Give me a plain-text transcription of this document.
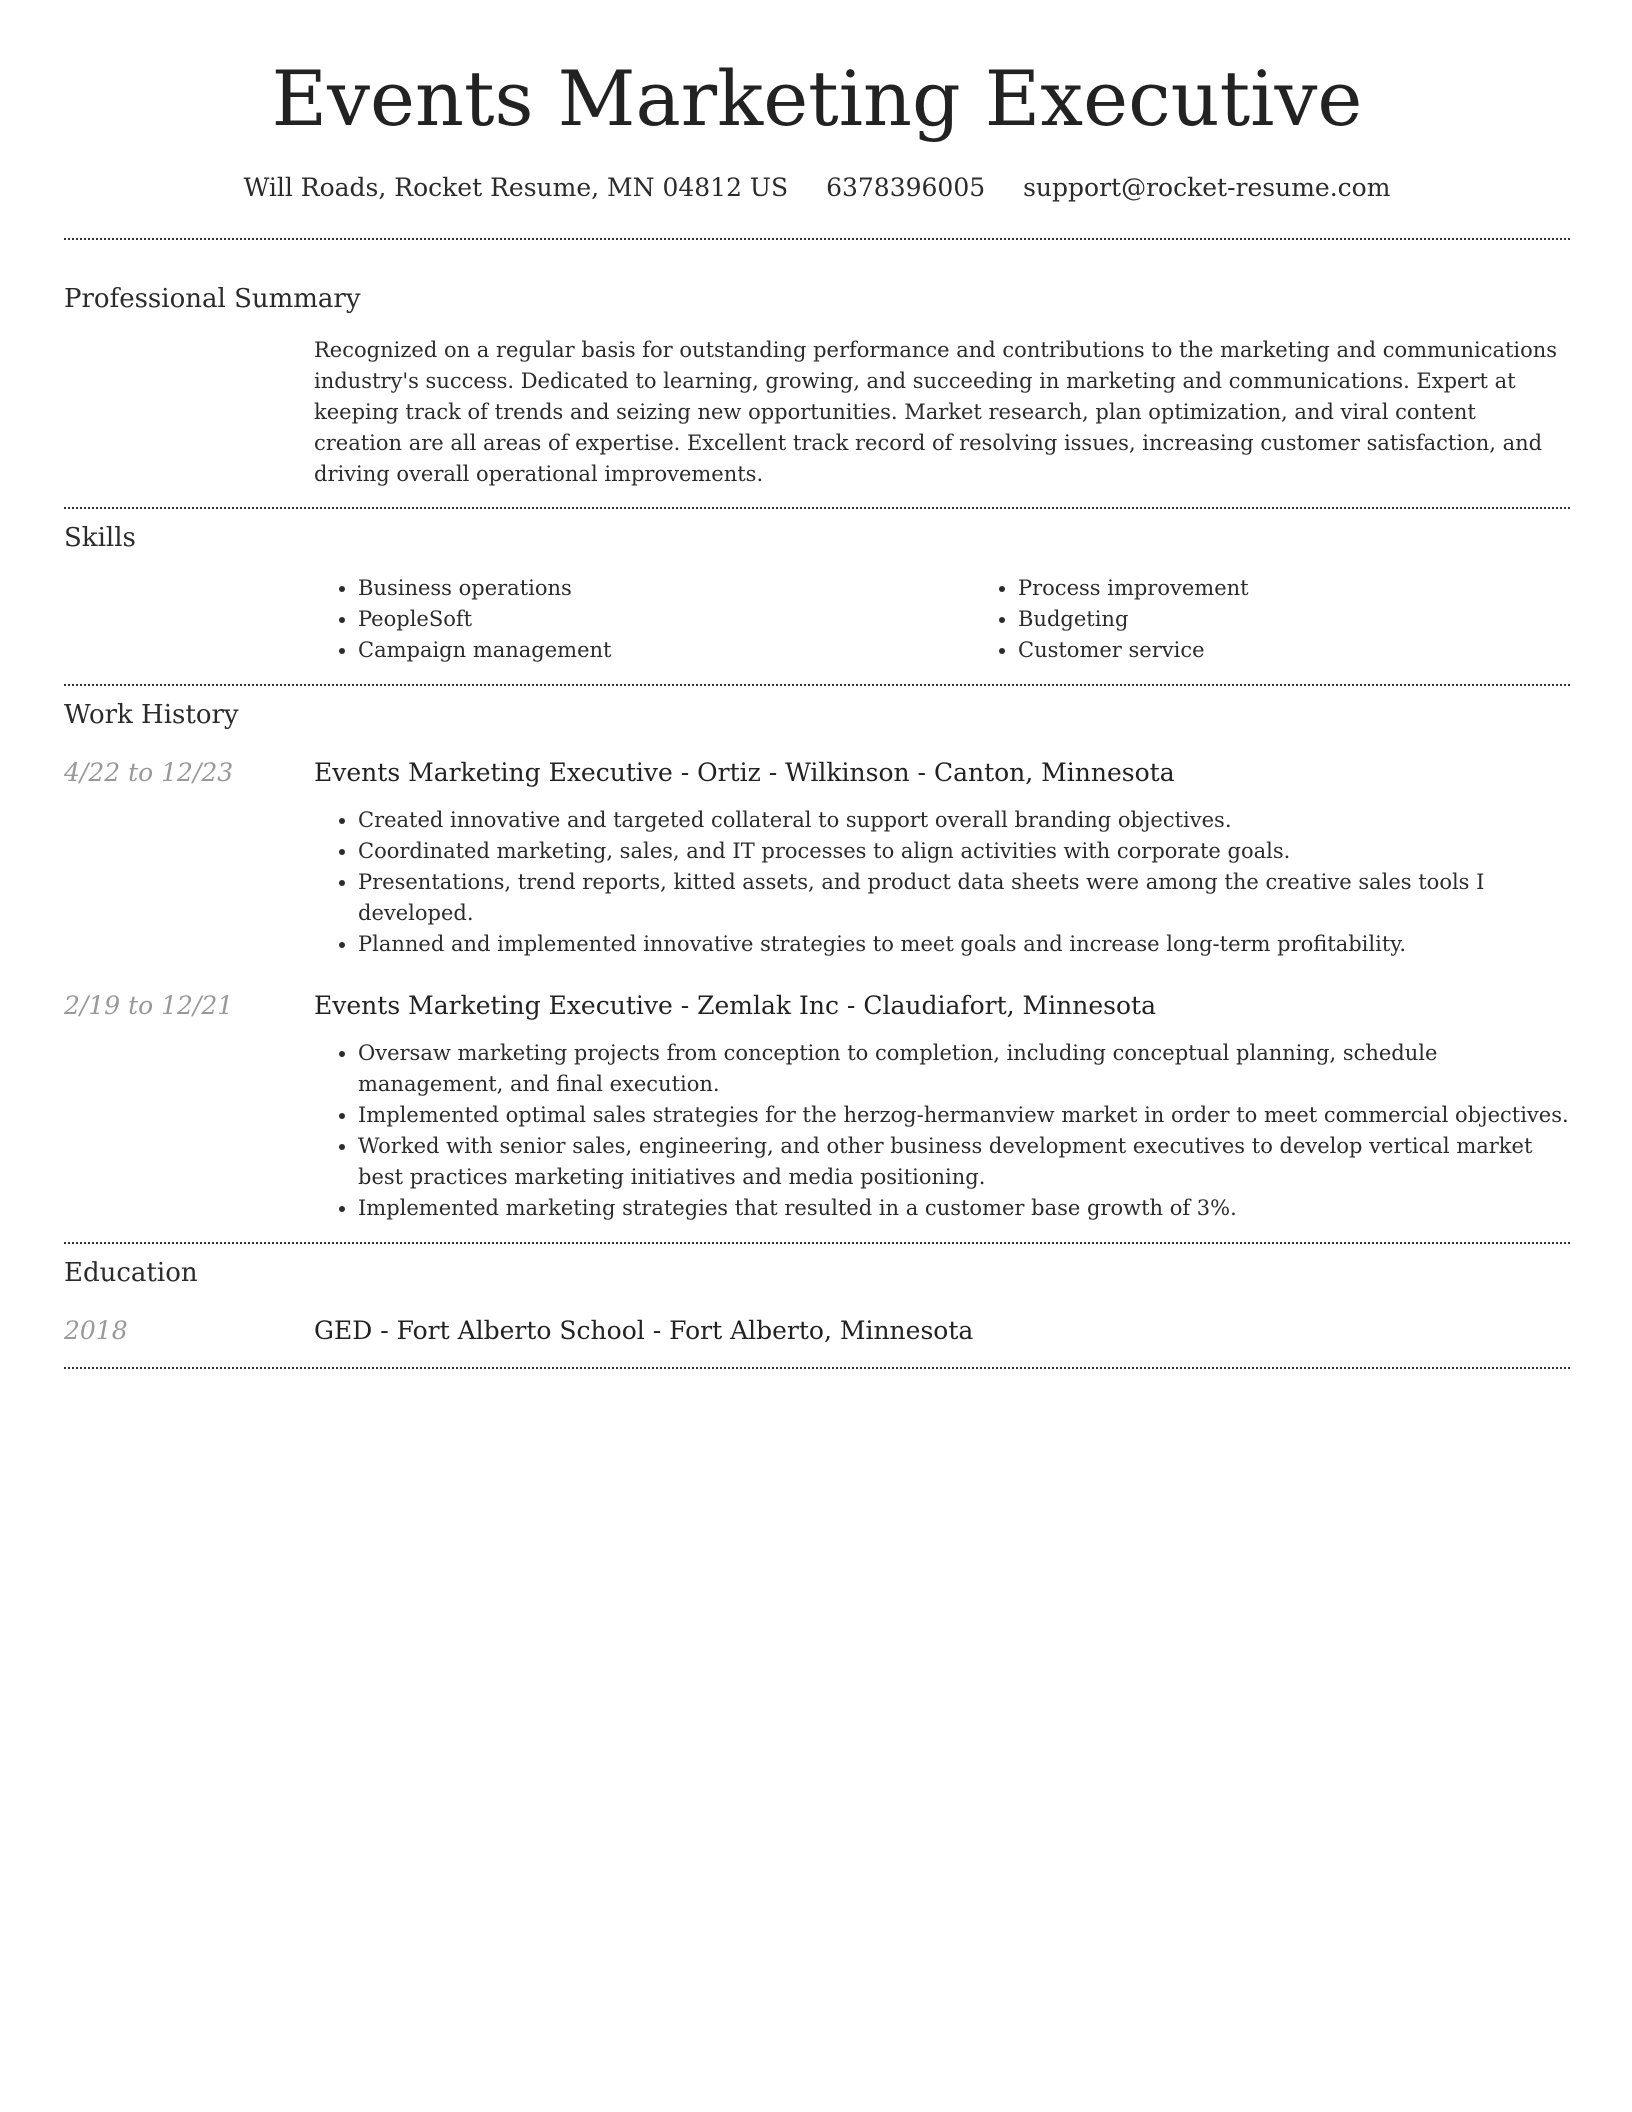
Events Marketing Executive
Will Roads, Rocket Resume, MN 04812 US 6378396005 support@rocket-resume.com
Professional Summary

Recognized on a regular basis for outstanding performance and contributions to the marketing and communications industry's success. Dedicated to learning, growing, and succeeding in marketing and communications. Expert at keeping track of trends and seizing new opportunities. Market research, plan optimization, and viral content creation are all areas of expertise. Excellent track record of resolving issues, increasing customer satisfaction, and driving overall operational improvements.

Skills
• Business operations
• PeopleSoft
• Campaign management
• Process improvement
• Budgeting
• Customer service
Work History
4/22 to 12/23	Events Marketing Executive - Ortiz - Wilkinson - Canton, Minnesota
• Created innovative and targeted collateral to support overall branding objectives.
• Coordinated marketing, sales, and IT processes to align activities with corporate goals.
• Presentations, trend reports, kitted assets, and product data sheets were among the creative sales tools I developed.
• Planned and implemented innovative strategies to meet goals and increase long-term profitability.
2/19 to 12/21	Events Marketing Executive - Zemlak Inc - Claudiafort, Minnesota
• Oversaw marketing projects from conception to completion, including conceptual planning, schedule management, and final execution.
• Implemented optimal sales strategies for the herzog-hermanview market in order to meet commercial objectives.
• Worked with senior sales, engineering, and other business development executives to develop vertical market best practices marketing initiatives and media positioning.
• Implemented marketing strategies that resulted in a customer base growth of 3%.
Education
2018	GED - Fort Alberto School - Fort Alberto, Minnesota
